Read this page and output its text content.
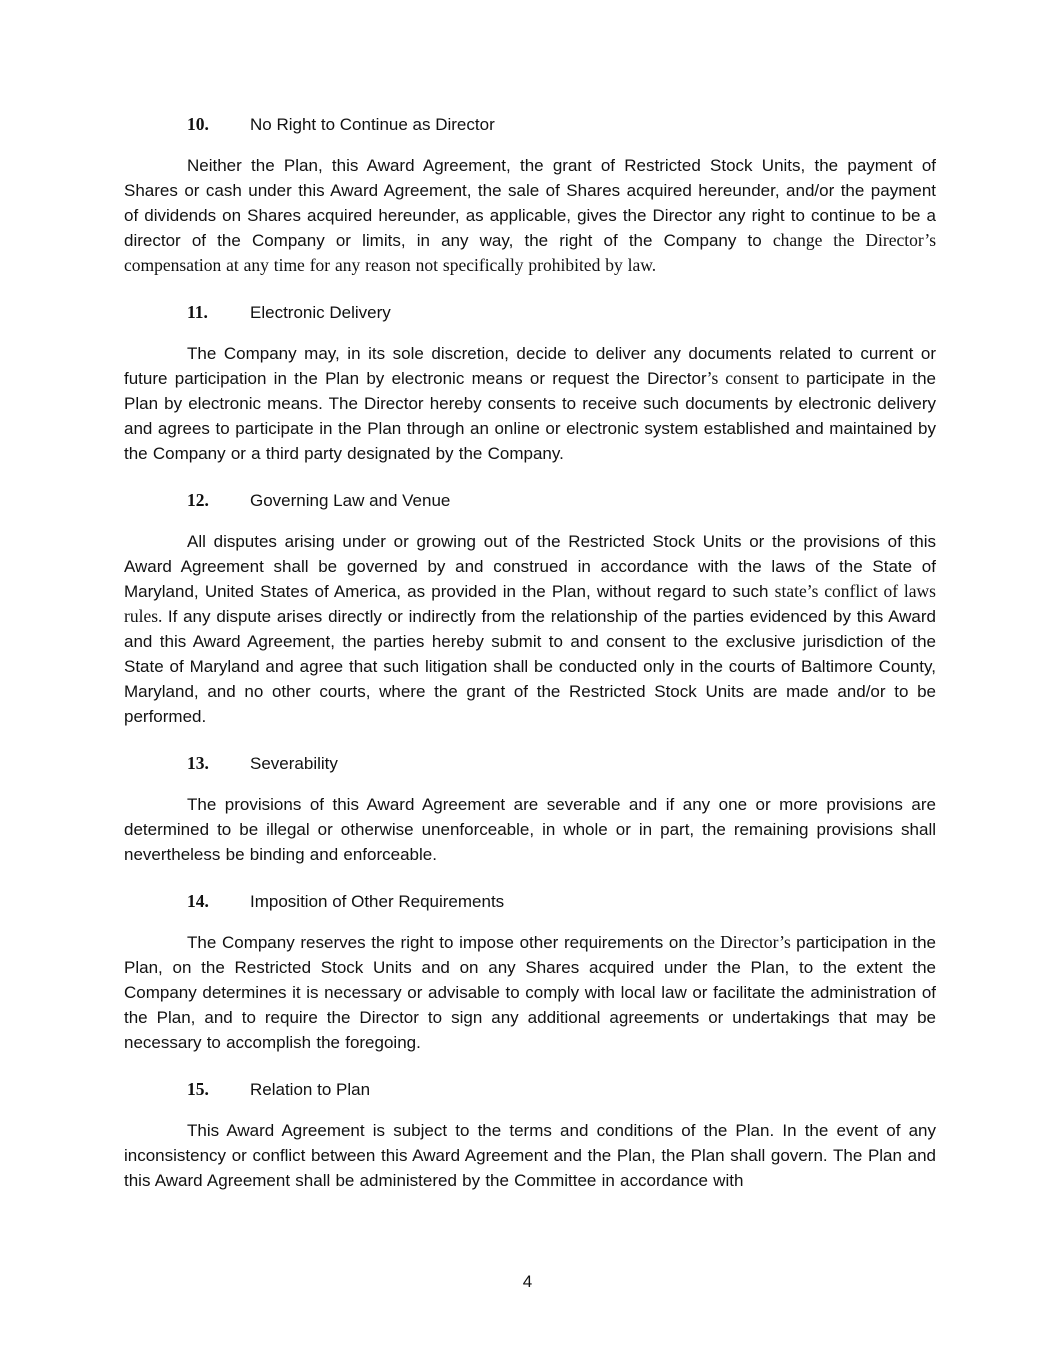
10. No Right to Continue as Director

Neither the Plan, this Award Agreement, the grant of Restricted Stock Units, the payment of Shares or cash under this Award Agreement, the sale of Shares acquired hereunder, and/or the payment of dividends on Shares acquired hereunder, as applicable, gives the Director any right to continue to be a director of the Company or limits, in any way, the right of the Company to change the Director’s compensation at any time for any reason not specifically prohibited by law.

11. Electronic Delivery

The Company may, in its sole discretion, decide to deliver any documents related to current or future participation in the Plan by electronic means or request the Director’s consent to participate in the Plan by electronic means. The Director hereby consents to receive such documents by electronic delivery and agrees to participate in the Plan through an online or electronic system established and maintained by the Company or a third party designated by the Company.

12. Governing Law and Venue

All disputes arising under or growing out of the Restricted Stock Units or the provisions of this Award Agreement shall be governed by and construed in accordance with the laws of the State of Maryland, United States of America, as provided in the Plan, without regard to such state’s conflict of laws rules. If any dispute arises directly or indirectly from the relationship of the parties evidenced by this Award and this Award Agreement, the parties hereby submit to and consent to the exclusive jurisdiction of the State of Maryland and agree that such litigation shall be conducted only in the courts of Baltimore County, Maryland, and no other courts, where the grant of the Restricted Stock Units are made and/or to be performed.

13. Severability

The provisions of this Award Agreement are severable and if any one or more provisions are determined to be illegal or otherwise unenforceable, in whole or in part, the remaining provisions shall nevertheless be binding and enforceable.

14. Imposition of Other Requirements

The Company reserves the right to impose other requirements on the Director’s participation in the Plan, on the Restricted Stock Units and on any Shares acquired under the Plan, to the extent the Company determines it is necessary or advisable to comply with local law or facilitate the administration of the Plan, and to require the Director to sign any additional agreements or undertakings that may be necessary to accomplish the foregoing.

15. Relation to Plan

This Award Agreement is subject to the terms and conditions of the Plan. In the event of any inconsistency or conflict between this Award Agreement and the Plan, the Plan shall govern. The Plan and this Award Agreement shall be administered by the Committee in accordance with

4
